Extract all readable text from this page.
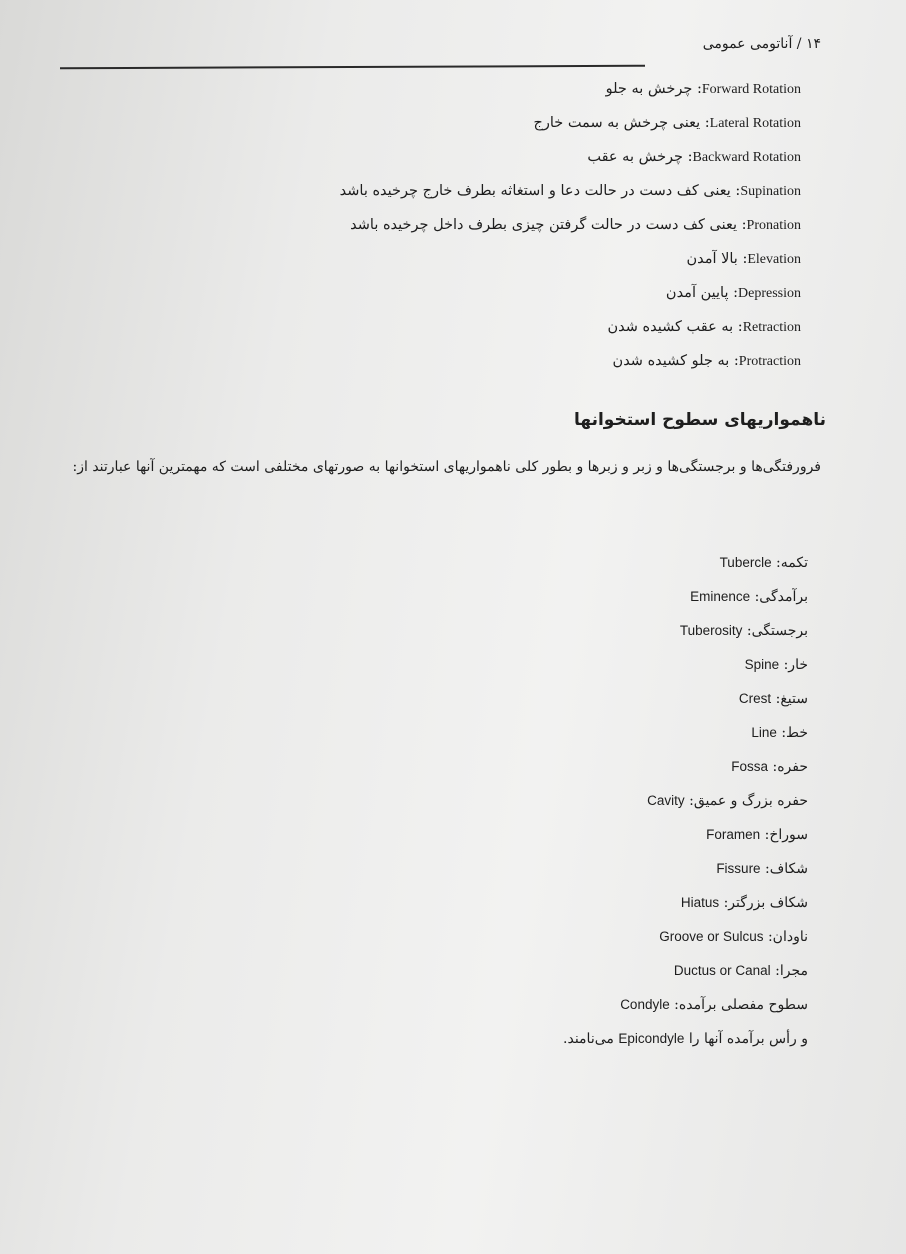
۱۴ / آناتومی عمومی
Forward Rotation: چرخش به جلو
Lateral Rotation: یعنی چرخش به سمت خارج
Backward Rotation: چرخش به عقب
Supination: یعنی کف دست در حالت دعا و استغاثه بطرف خارج چرخیده باشد
Pronation: یعنی کف دست در حالت گرفتن چیزی بطرف داخل چرخیده باشد
Elevation: بالا آمدن
Depression: پایین آمدن
Retraction: به عقب کشیده شدن
Protraction: به جلو کشیده شدن
ناهمواریهای سطوح استخوانها
فرورفتگی‌ها و برجستگی‌ها و زبر و زبرها و بطور کلی ناهمواریهای استخوانها به صورتهای مختلفی است که مهمترین آنها عبارتند از:
تکمه: Tubercle
برآمدگی: Eminence
برجستگی: Tuberosity
خار: Spine
ستیغ: Crest
خط: Line
حفره: Fossa
حفره بزرگ و عمیق: Cavity
سوراخ: Foramen
شکاف: Fissure
شکاف بزرگتر: Hiatus
ناودان: Groove or Sulcus
مجرا: Ductus or Canal
سطوح مفصلی برآمده: Condyle
و رأس برآمده آنها را Epicondyle می‌نامند.
